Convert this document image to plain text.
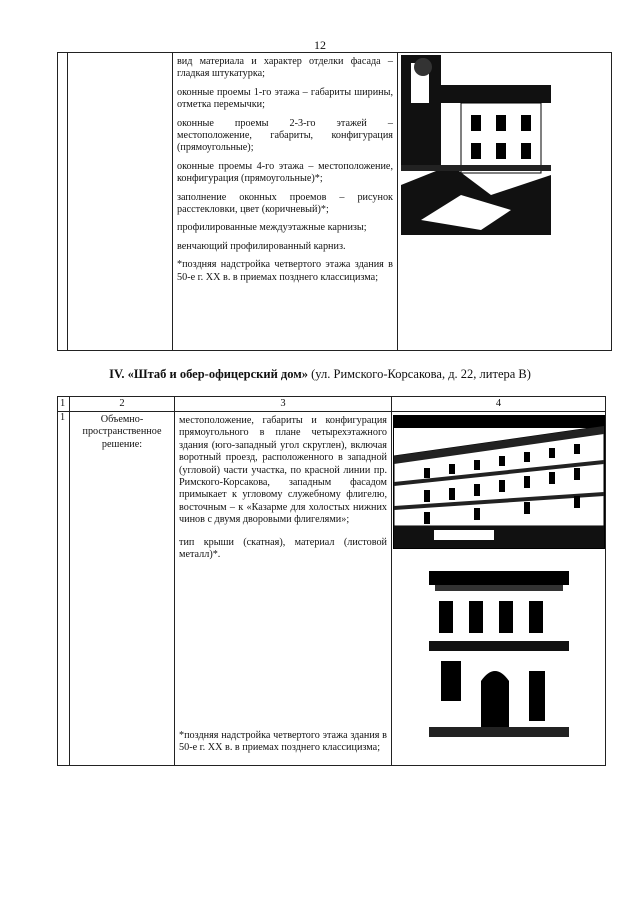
12

вид материала и характер отделки фасада – гладкая штукатурка;

оконные проемы 1-го этажа – габариты ширины, отметка перемычки;

оконные проемы 2-3-го этажей – местоположение, габариты, конфигурация (прямоугольные);

оконные проемы 4-го этажа – местоположение, конфигурация (прямоугольные)*;

заполнение оконных проемов – рисунок расстекловки, цвет (коричневый)*;

профилированные междуэтажные карнизы;

венчающий профилированный карниз.

*поздняя надстройка четвертого этажа здания в 50-е г. XX в. в приемах позднего классицизма;

IV. «Штаб и обер-офицерский дом» (ул. Римского-Корсакова, д. 22, литера В)
1	2	3	4
1	Объемно-пространственное решение:	местоположение, габариты и конфигурация прямоугольного в плане четырехэтажного здания (юго-западный угол скруглен), включая воротный проезд, расположенного в западной (угловой) части участка, по красной линии пр. Римского-Корсакова, западным фасадом примыкает к угловому служебному флигелю, восточным – к «Казарме для холостых нижних чинов с двумя дворовыми флигелями»;

тип крыши (скатная), материал (листовой металл)*.

*поздняя надстройка четвертого этажа здания в 50-е г. XX в. в приемах позднего классицизма;
